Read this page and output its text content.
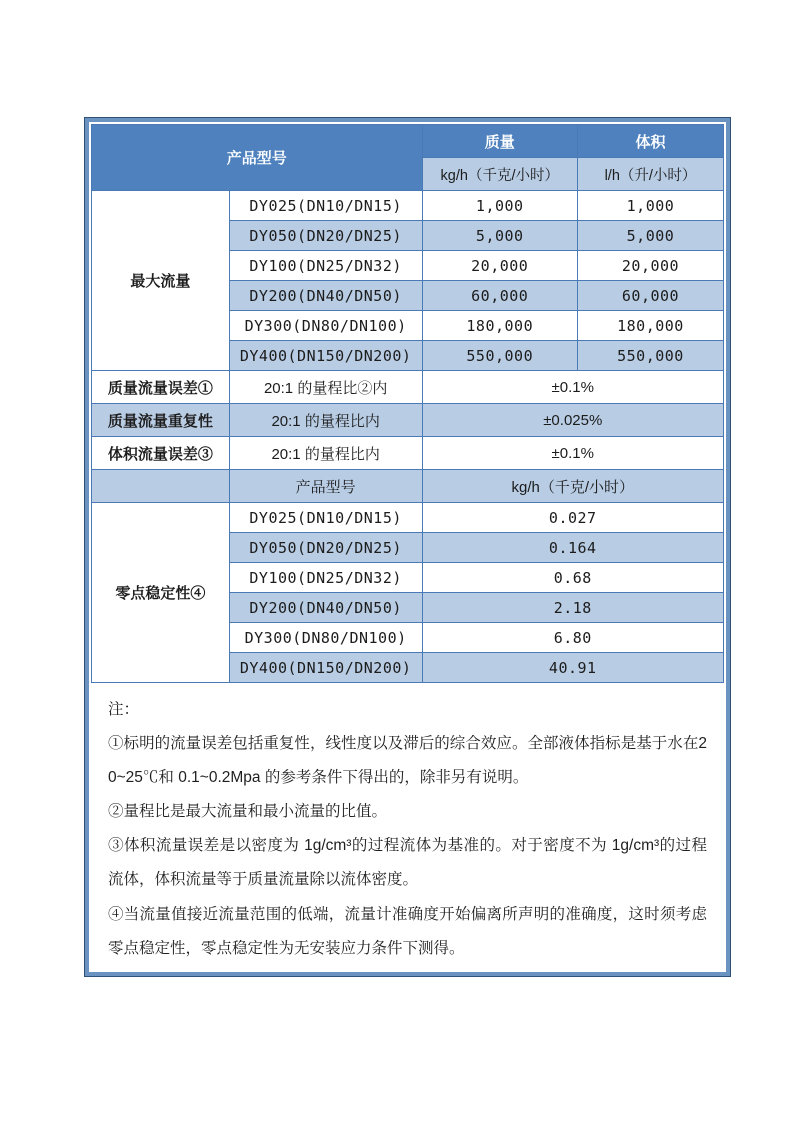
产品型号		质量	体积
		kg/h（千克/小时）	l/h（升/小时）
最大流量	DY025(DN10/DN15)	1,000	1,000
	DY050(DN20/DN25)	5,000	5,000
	DY100(DN25/DN32)	20,000	20,000
	DY200(DN40/DN50)	60,000	60,000
	DY300(DN80/DN100)	180,000	180,000
	DY400(DN150/DN200)	550,000	550,000
质量流量误差①	20:1 的量程比②内	±0.1%	
质量流量重复性	20:1 的量程比内	±0.025%	
体积流量误差③	20:1 的量程比内	±0.1%	
	产品型号	kg/h（千克/小时）	
零点稳定性④	DY025(DN10/DN15)	0.027	
	DY050(DN20/DN25)	0.164	
	DY100(DN25/DN32)	0.68	
	DY200(DN40/DN50)	2.18	
	DY300(DN80/DN100)	6.80	
	DY400(DN150/DN200)	40.91	

注：

①标明的流量误差包括重复性，线性度以及滞后的综合效应。全部液体指标是基于水在20~25℃和 0.1~0.2Mpa 的参考条件下得出的，除非另有说明。

②量程比是最大流量和最小流量的比值。

③体积流量误差是以密度为 1g/cm³的过程流体为基准的。对于密度不为 1g/cm³的过程流体，体积流量等于质量流量除以流体密度。

④当流量值接近流量范围的低端，流量计准确度开始偏离所声明的准确度，这时须考虑零点稳定性，零点稳定性为无安装应力条件下测得。
